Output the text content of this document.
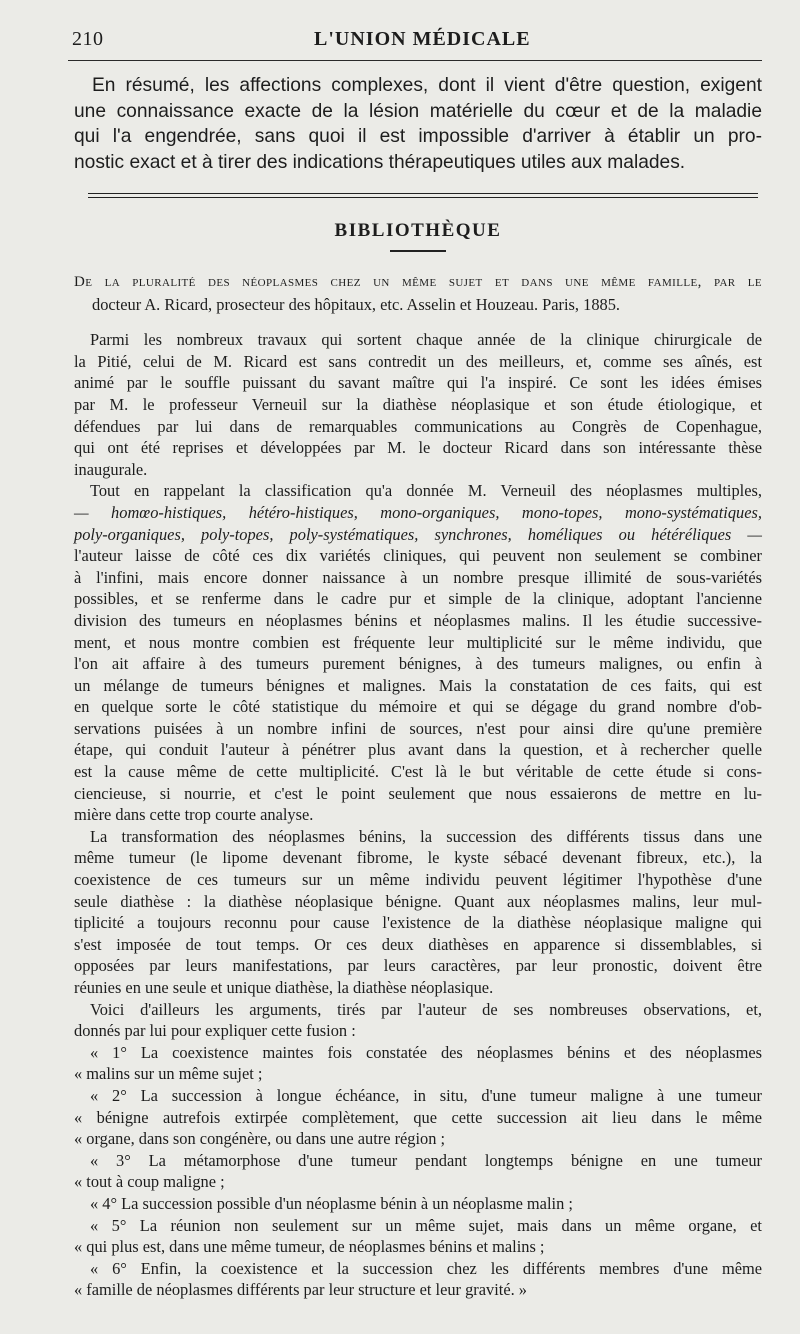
210	L'UNION MÉDICALE
En résumé, les affections complexes, dont il vient d'être question, exigent
une connaissance exacte de la lésion matérielle du cœur et de la maladie
qui l'a engendrée, sans quoi il est impossible d'arriver à établir un pro-
nostic exact et à tirer des indications thérapeutiques utiles aux malades.
BIBLIOTHÈQUE
De la pluralité des néoplasmes chez un même sujet et dans une même famille, par le
docteur A. Ricard, prosecteur des hôpitaux, etc. Asselin et Houzeau. Paris, 1885.
Parmi les nombreux travaux qui sortent chaque année de la clinique chirurgicale de
la Pitié, celui de M. Ricard est sans contredit un des meilleurs, et, comme ses aînés, est
animé par le souffle puissant du savant maître qui l'a inspiré. Ce sont les idées émises
par M. le professeur Verneuil sur la diathèse néoplasique et son étude étiologique, et
défendues par lui dans de remarquables communications au Congrès de Copenhague,
qui ont été reprises et développées par M. le docteur Ricard dans son intéressante thèse
inaugurale.
Tout en rappelant la classification qu'a donnée M. Verneuil des néoplasmes multiples,
— homœo-histiques, hétéro-histiques, mono-organiques, mono-topes, mono-systématiques,
poly-organiques, poly-topes, poly-systématiques, synchrones, homéliques ou hétéréliques —
l'auteur laisse de côté ces dix variétés cliniques, qui peuvent non seulement se combiner
à l'infini, mais encore donner naissance à un nombre presque illimité de sous-variétés
possibles, et se renferme dans le cadre pur et simple de la clinique, adoptant l'ancienne
division des tumeurs en néoplasmes bénins et néoplasmes malins. Il les étudie successive-
ment, et nous montre combien est fréquente leur multiplicité sur le même individu, que
l'on ait affaire à des tumeurs purement bénignes, à des tumeurs malignes, ou enfin à
un mélange de tumeurs bénignes et malignes. Mais la constatation de ces faits, qui est
en quelque sorte le côté statistique du mémoire et qui se dégage du grand nombre d'ob-
servations puisées à un nombre infini de sources, n'est pour ainsi dire qu'une première
étape, qui conduit l'auteur à pénétrer plus avant dans la question, et à rechercher quelle
est la cause même de cette multiplicité. C'est là le but véritable de cette étude si cons-
ciencieuse, si nourrie, et c'est le point seulement que nous essaierons de mettre en lu-
mière dans cette trop courte analyse.
La transformation des néoplasmes bénins, la succession des différents tissus dans une
même tumeur (le lipome devenant fibrome, le kyste sébacé devenant fibreux, etc.), la
coexistence de ces tumeurs sur un même individu peuvent légitimer l'hypothèse d'une
seule diathèse : la diathèse néoplasique bénigne. Quant aux néoplasmes malins, leur mul-
tiplicité a toujours reconnu pour cause l'existence de la diathèse néoplasique maligne qui
s'est imposée de tout temps. Or ces deux diathèses en apparence si dissemblables, si
opposées par leurs manifestations, par leurs caractères, par leur pronostic, doivent être
réunies en une seule et unique diathèse, la diathèse néoplasique.
Voici d'ailleurs les arguments, tirés par l'auteur de ses nombreuses observations, et,
donnés par lui pour expliquer cette fusion :
« 1° La coexistence maintes fois constatée des néoplasmes bénins et des néoplasmes
« malins sur un même sujet ;
« 2° La succession à longue échéance, in situ, d'une tumeur maligne à une tumeur
« bénigne autrefois extirpée complètement, que cette succession ait lieu dans le même
« organe, dans son congénère, ou dans une autre région ;
« 3° La métamorphose d'une tumeur pendant longtemps bénigne en une tumeur
« tout à coup maligne ;
« 4° La succession possible d'un néoplasme bénin à un néoplasme malin ;
« 5° La réunion non seulement sur un même sujet, mais dans un même organe, et
« qui plus est, dans une même tumeur, de néoplasmes bénins et malins ;
« 6° Enfin, la coexistence et la succession chez les différents membres d'une même
« famille de néoplasmes différents par leur structure et leur gravité. »
